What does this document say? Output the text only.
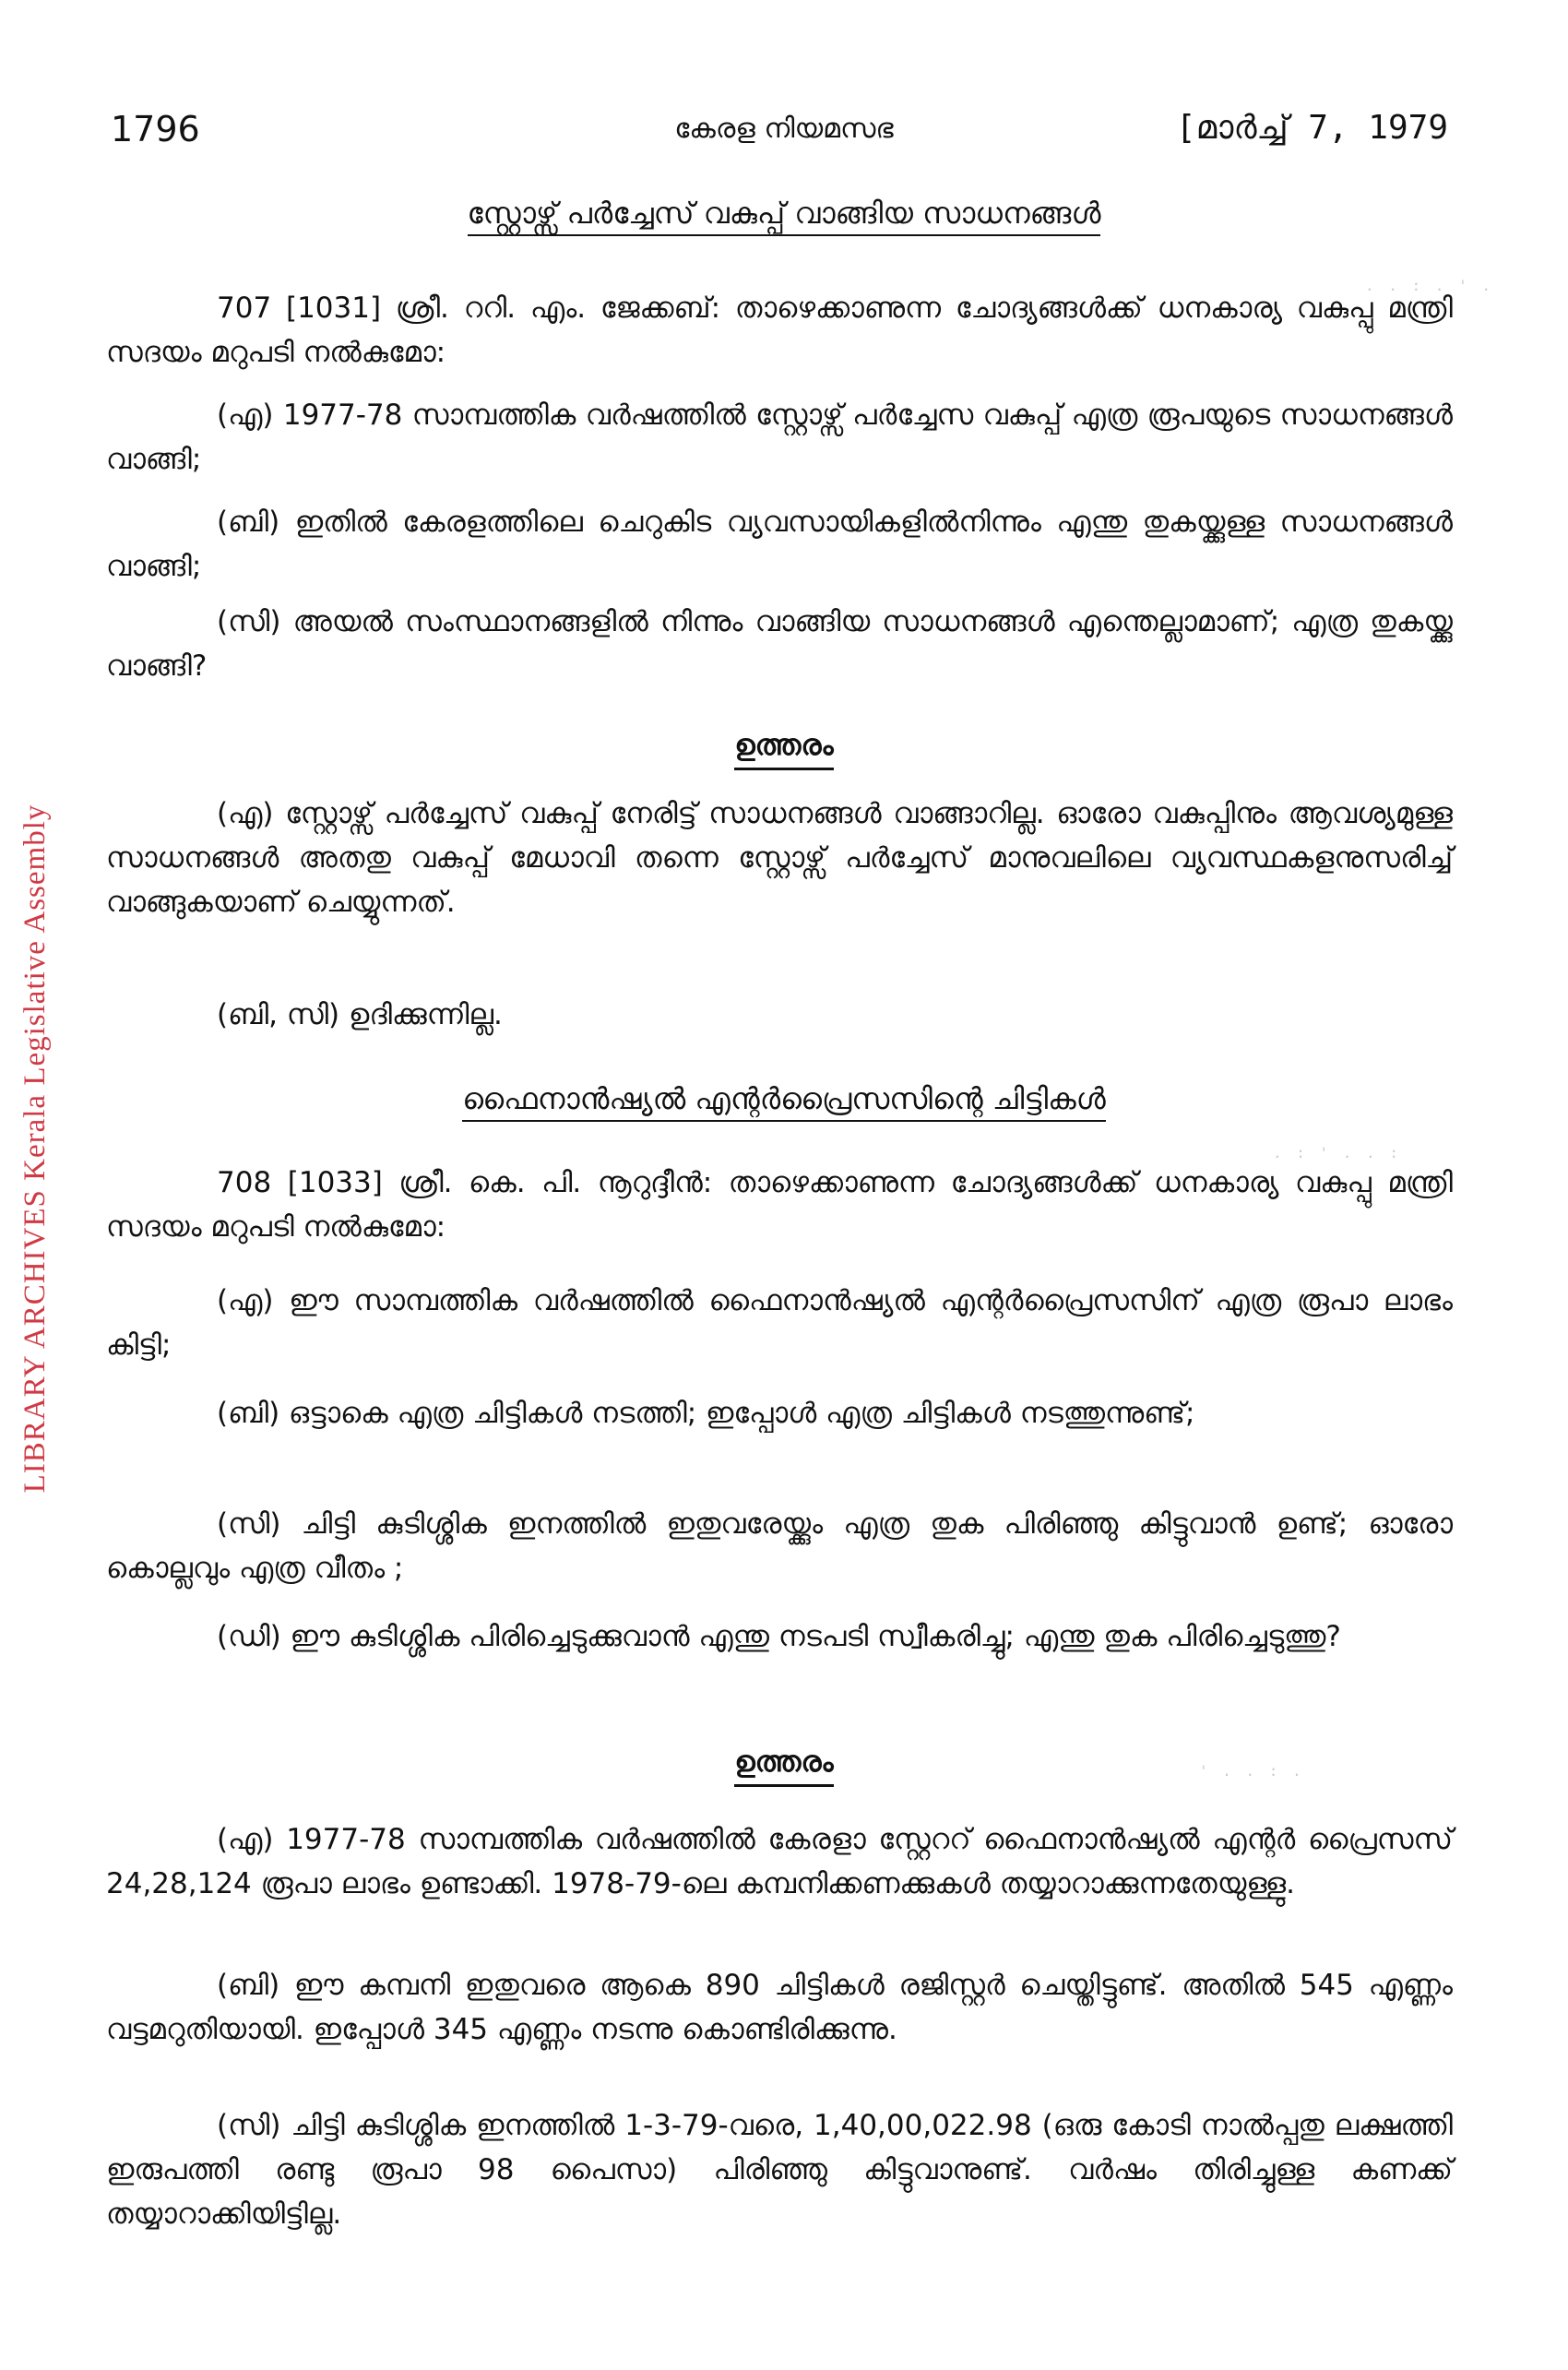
LIBRARY ARCHIVES Kerala Legislative Assembly
1796	കേരള നിയമസഭ	[മാർച്ച് 7, 1979
സ്റ്റോഴ്സ് പർച്ചേസ് വകുപ്പ് വാങ്ങിയ സാധനങ്ങൾ
707 [1031] ശ്രീ. ററി. എം. ജേക്കബ്: താഴെക്കാണുന്ന ചോദ്യങ്ങൾക്ക് ധനകാര്യ വകുപ്പു മന്ത്രി സദയം മറുപടി നൽകുമോ:
(എ) 1977-78 സാമ്പത്തിക വർഷത്തിൽ സ്റ്റോഴ്സ് പർച്ചേസ വകുപ്പ് എത്ര രൂപയുടെ സാധനങ്ങൾ വാങ്ങി;
(ബി) ഇതിൽ കേരളത്തിലെ ചെറുകിട വ്യവസായികളിൽനിന്നും എന്തു തുകയ്ക്കുള്ള സാധനങ്ങൾ വാങ്ങി;
(സി) അയൽ സംസ്ഥാനങ്ങളിൽ നിന്നും വാങ്ങിയ സാധനങ്ങൾ എന്തെല്ലാമാണ്; എത്ര തുകയ്ക്കു വാങ്ങി?
ഉത്തരം
(എ) സ്റ്റോഴ്സ് പർച്ചേസ് വകുപ്പ് നേരിട്ട് സാധനങ്ങൾ വാങ്ങാറില്ല. ഓരോ വകുപ്പിനും ആവശ്യമുള്ള സാധനങ്ങൾ അതതു വകുപ്പ് മേധാവി തന്നെ സ്റ്റോഴ്സ് പർച്ചേസ് മാനുവലിലെ വ്യവസ്ഥകളനുസരിച്ച് വാങ്ങുകയാണ് ചെയ്യുന്നത്.
(ബി, സി) ഉദിക്കുന്നില്ല.
ഫൈനാൻഷ്യൽ എന്റർപ്രൈസസിന്റെ ചിട്ടികൾ
708 [1033] ശ്രീ. കെ. പി. നൂറുദ്ദീൻ: താഴെക്കാണുന്ന ചോദ്യങ്ങൾക്ക് ധനകാര്യ വകുപ്പു മന്ത്രി സദയം മറുപടി നൽകുമോ:
(എ) ഈ സാമ്പത്തിക വർഷത്തിൽ ഫൈനാൻഷ്യൽ എന്റർപ്രൈസസിന് എത്ര രൂപാ ലാഭം കിട്ടി;
(ബി) ഒട്ടാകെ എത്ര ചിട്ടികൾ നടത്തി; ഇപ്പോൾ എത്ര ചിട്ടികൾ നടത്തുന്നുണ്ട്;
(സി) ചിട്ടി കുടിശ്ശിക ഇനത്തിൽ ഇതുവരേയ്ക്കും എത്ര തുക പിരിഞ്ഞു കിട്ടുവാൻ ഉണ്ട്; ഓരോ കൊല്ലവും എത്ര വീതം ;
(ഡി) ഈ കുടിശ്ശിക പിരിച്ചെടുക്കുവാൻ എന്തു നടപടി സ്വീകരിച്ചു; എന്തു തുക പിരിച്ചെടുത്തു?
ഉത്തരം
(എ) 1977-78 സാമ്പത്തിക വർഷത്തിൽ കേരളാ സ്റ്റേററ് ഫൈനാൻഷ്യൽ എന്റർ പ്രൈസസ് 24,28,124 രൂപാ ലാഭം ഉണ്ടാക്കി. 1978-79-ലെ കമ്പനിക്കണക്കുകൾ തയ്യാറാക്കുന്നതേയുള്ളു.
(ബി) ഈ കമ്പനി ഇതുവരെ ആകെ 890 ചിട്ടികൾ രജിസ്റ്റർ ചെയ്തിട്ടുണ്ട്. അതിൽ 545 എണ്ണം വട്ടമറുതിയായി. ഇപ്പോൾ 345 എണ്ണം നടന്നു കൊണ്ടിരിക്കുന്നു.
(സി) ചിട്ടി കുടിശ്ശിക ഇനത്തിൽ 1-3-79-വരെ, 1,40,00,022.98 (ഒരു കോടി നാൽപ്പതു ലക്ഷത്തി ഇരുപത്തി രണ്ടു രൂപാ 98 പൈസാ) പിരിഞ്ഞു കിട്ടുവാനുണ്ട്. വർഷം തിരിച്ചുള്ള കണക്ക് തയ്യാറാക്കിയിട്ടില്ല.
. . : . ' .
. : ' . . :
' . . : .
